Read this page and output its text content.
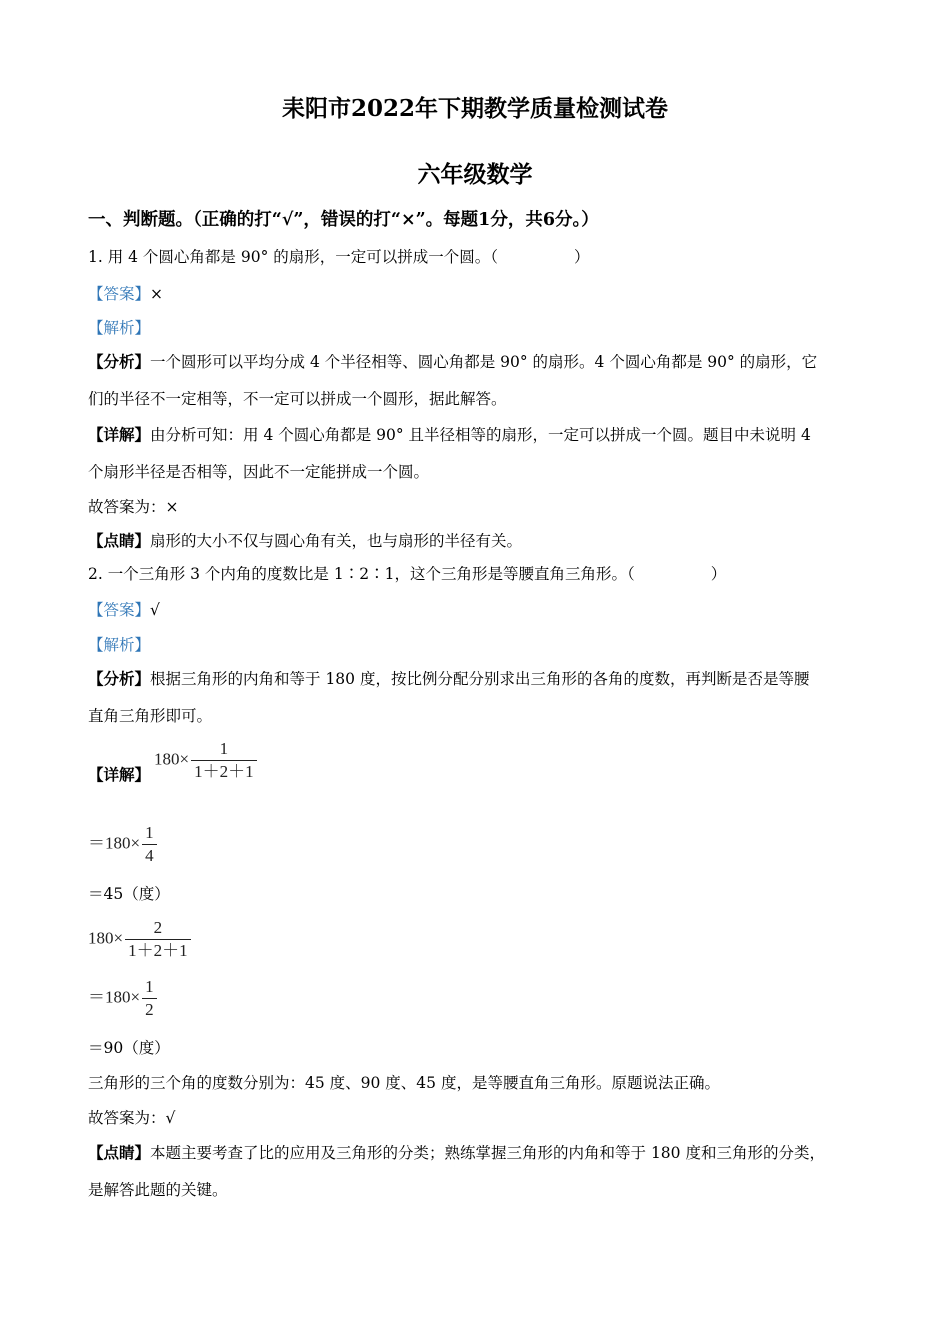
耒阳市2022年下期教学质量检测试卷
六年级数学
一、判断题。（正确的打“√”，错误的打“×”。每题1分，共6分。）
1. 用 4 个圆心角都是 90° 的扇形，一定可以拼成一个圆。（	）
【答案】×
【解析】
【分析】一个圆形可以平均分成 4 个半径相等、圆心角都是 90° 的扇形。4 个圆心角都是 90° 的扇形，它
们的半径不一定相等，不一定可以拼成一个圆形，据此解答。
【详解】由分析可知：用 4 个圆心角都是 90° 且半径相等的扇形，一定可以拼成一个圆。题目中未说明 4
个扇形半径是否相等，因此不一定能拼成一个圆。
故答案为：×
【点睛】扇形的大小不仅与圆心角有关，也与扇形的半径有关。
2. 一个三角形 3 个内角的度数比是 1∶2∶1，这个三角形是等腰直角三角形。（	）
【答案】√
【解析】
【分析】根据三角形的内角和等于 180 度，按比例分配分别求出三角形的各角的度数，再判断是否是等腰
直角三角形即可。
【详解】
$180\times \frac{1}{1+2+1}$
$=180\times \frac{1}{4}$
＝45（度）
$180\times \frac{2}{1+2+1}$
$=180\times \frac{1}{2}$
＝90（度）
三角形的三个角的度数分别为：45 度、90 度、45 度，是等腰直角三角形。原题说法正确。
故答案为：√
【点睛】本题主要考查了比的应用及三角形的分类；熟练掌握三角形的内角和等于 180 度和三角形的分类，
是解答此题的关键。
